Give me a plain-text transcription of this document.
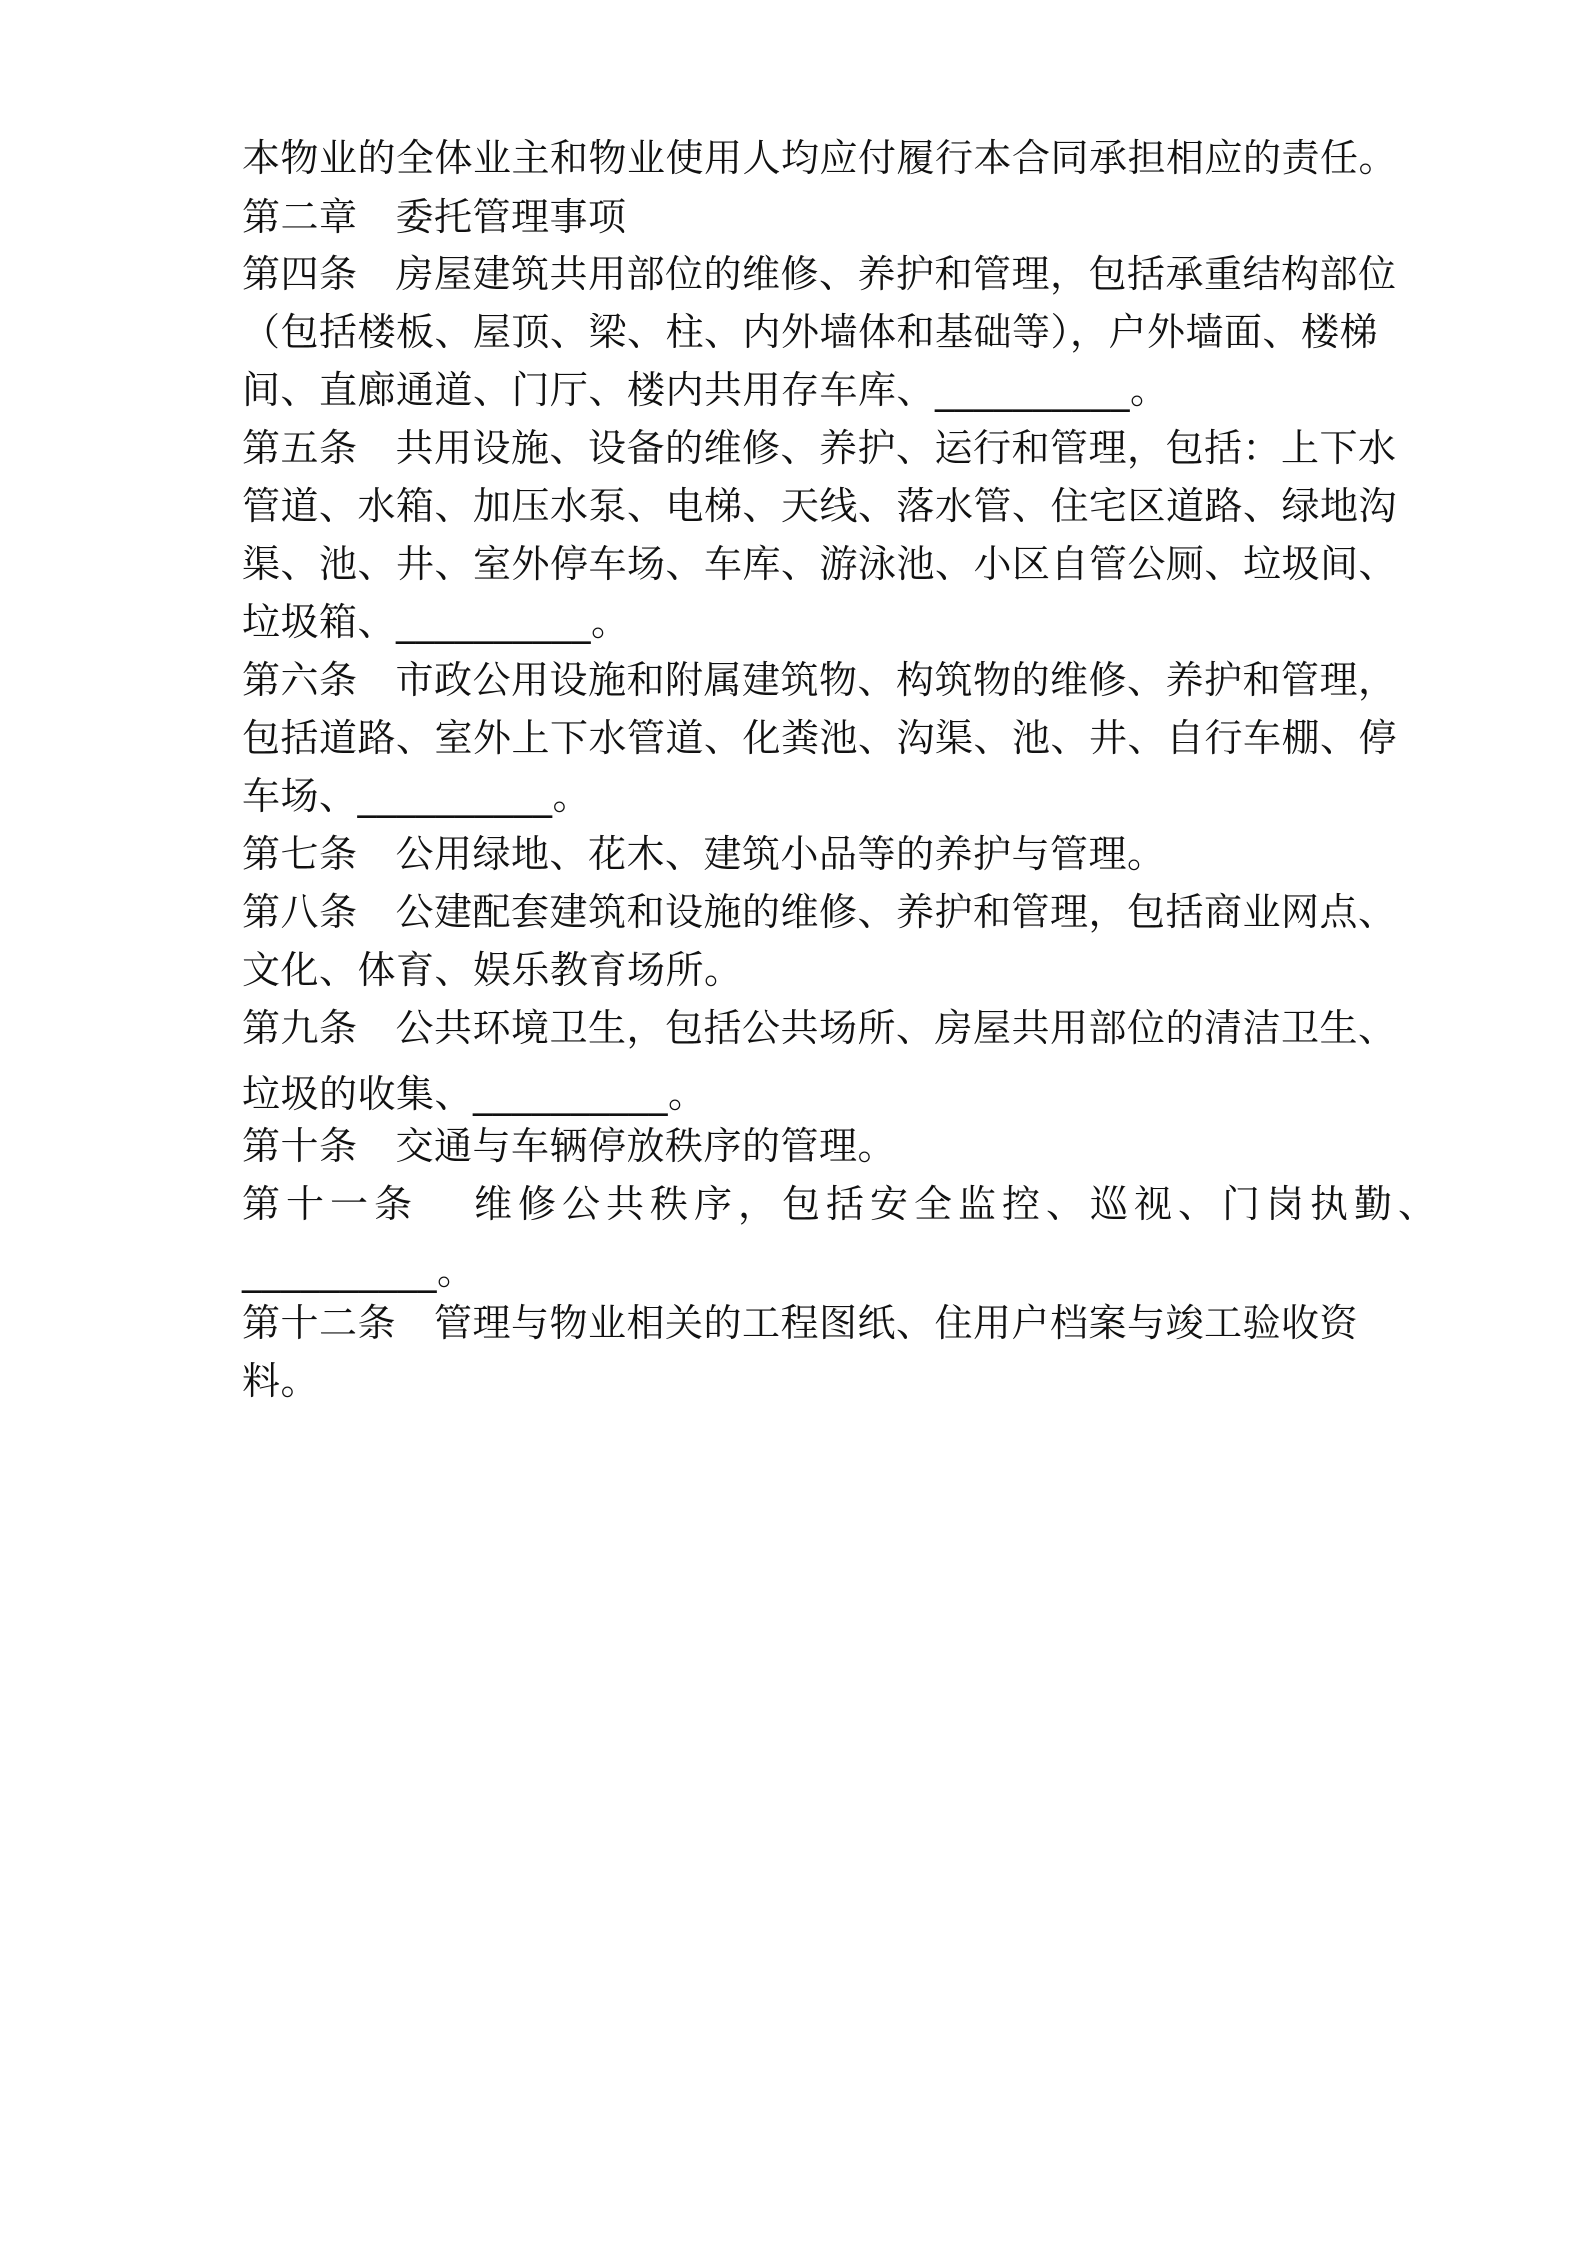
本物业的全体业主和物业使用人均应付履行本合同承担相应的责任。
第二章 委托管理事项
第四条 房屋建筑共用部位的维修、养护和管理，包括承重结构部位
（包括楼板、屋顶、梁、柱、内外墙体和基础等），户外墙面、楼梯
间、直廊通道、门厅、楼内共用存车库、__________。
第五条 共用设施、设备的维修、养护、运行和管理，包括：上下水
管道、水箱、加压水泵、电梯、天线、落水管、住宅区道路、绿地沟
渠、池、井、室外停车场、车库、游泳池、小区自管公厕、垃圾间、
垃圾箱、__________。
第六条 市政公用设施和附属建筑物、构筑物的维修、养护和管理，
包括道路、室外上下水管道、化粪池、沟渠、池、井、自行车棚、停
车场、__________。
第七条 公用绿地、花木、建筑小品等的养护与管理。
第八条 公建配套建筑和设施的维修、养护和管理，包括商业网点、
文化、体育、娱乐教育场所。
第九条 公共环境卫生，包括公共场所、房屋共用部位的清洁卫生、
垃圾的收集、__________。
第十条 交通与车辆停放秩序的管理。
第十一条 维修公共秩序，包括安全监控、巡视、门岗执勤、
__________。
第十二条 管理与物业相关的工程图纸、住用户档案与竣工验收资
料。
